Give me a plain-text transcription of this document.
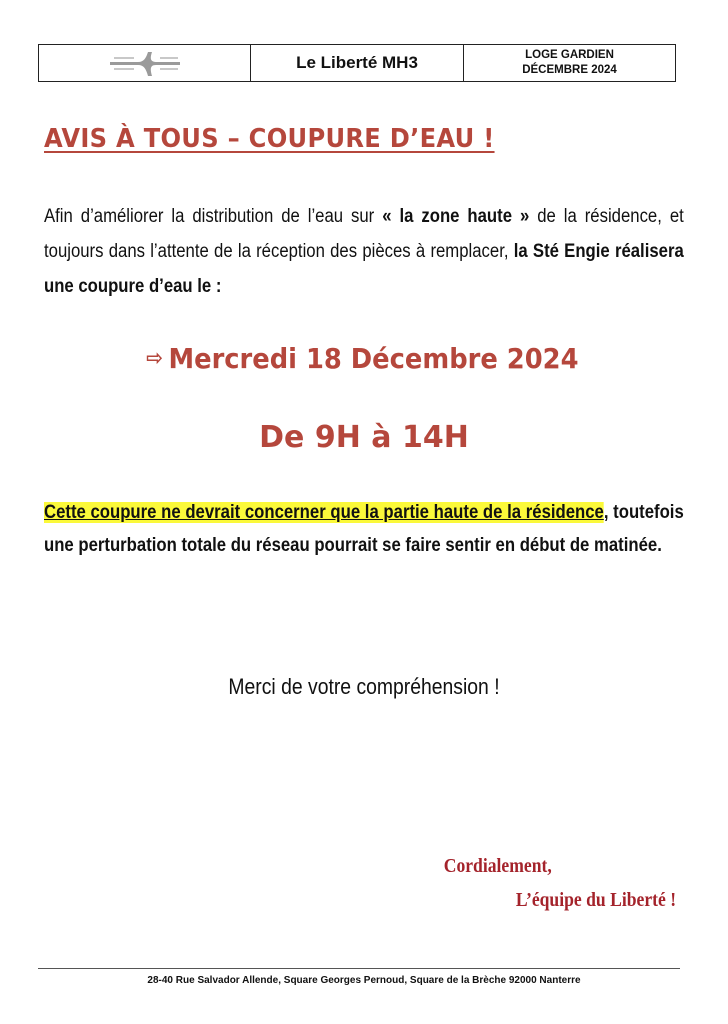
Le Liberté MH3	LOGE GARDIEN
DÉCEMBRE 2024
AVIS À TOUS – COUPURE D’EAU !
Afin d’améliorer la distribution de l’eau sur « la zone haute » de la résidence, et toujours dans l’attente de la réception des pièces à remplacer, la Sté Engie réalisera une coupure d’eau le :
⇨ Mercredi 18 Décembre 2024
De 9H à 14H
Cette coupure ne devrait concerner que la partie haute de la résidence, toutefois une perturbation totale du réseau pourrait se faire sentir en début de matinée.
Merci de votre compréhension !
Cordialement,
L’équipe du Liberté !
28-40 Rue Salvador Allende, Square Georges Pernoud, Square de la Brèche 92000 Nanterre
